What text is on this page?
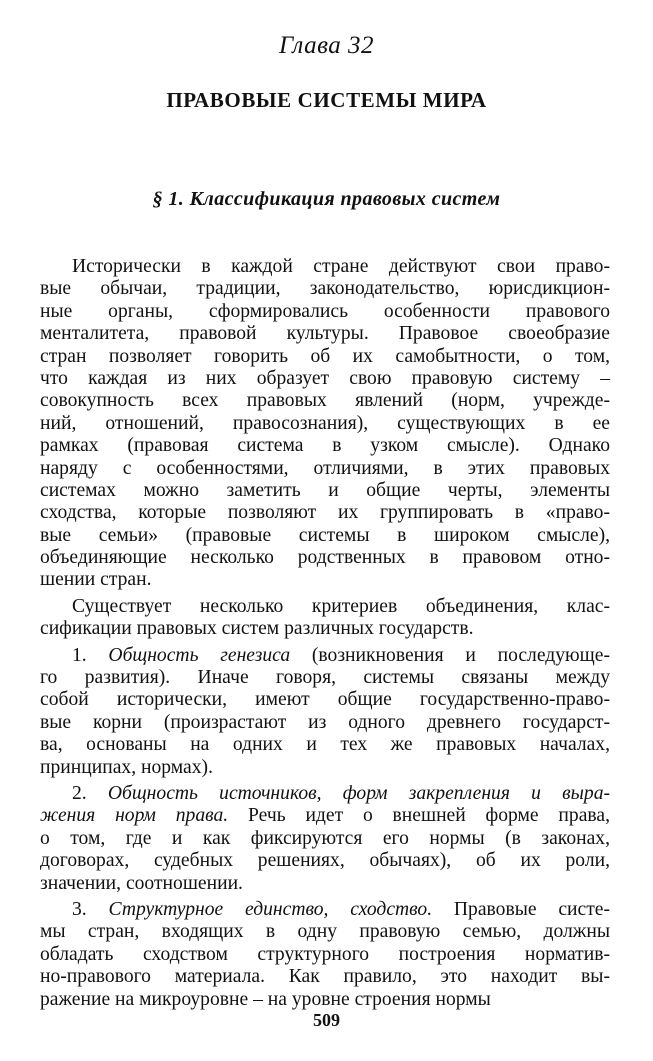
Глава 32
ПРАВОВЫЕ СИСТЕМЫ МИРА
§ 1. Классификация правовых систем
Исторически в каждой стране действуют свои право-
вые обычаи, традиции, законодательство, юрисдикцион-
ные органы, сформировались особенности правового
менталитета, правовой культуры. Правовое своеобразие
стран позволяет говорить об их самобытности, о том,
что каждая из них образует свою правовую систему –
совокупность всех правовых явлений (норм, учрежде-
ний, отношений, правосознания), существующих в ее
рамках (правовая система в узком смысле). Однако
наряду с особенностями, отличиями, в этих правовых
системах можно заметить и общие черты, элементы
сходства, которые позволяют их группировать в «право-
вые семьи» (правовые системы в широком смысле),
объединяющие несколько родственных в правовом отно-
шении стран.
Существует несколько критериев объединения, клас-
сификации правовых систем различных государств.
1. Общность генезиса (возникновения и последующе-
го развития). Иначе говоря, системы связаны между
собой исторически, имеют общие государственно-право-
вые корни (произрастают из одного древнего государст-
ва, основаны на одних и тех же правовых началах,
принципах, нормах).
2. Общность источников, форм закрепления и выра-
жения норм права. Речь идет о внешней форме права,
о том, где и как фиксируются его нормы (в законах,
договорах, судебных решениях, обычаях), об их роли,
значении, соотношении.
3. Структурное единство, сходство. Правовые систе-
мы стран, входящих в одну правовую семью, должны
обладать сходством структурного построения норматив-
но-правового материала. Как правило, это находит вы-
ражение на микроуровне – на уровне строения нормы
509
